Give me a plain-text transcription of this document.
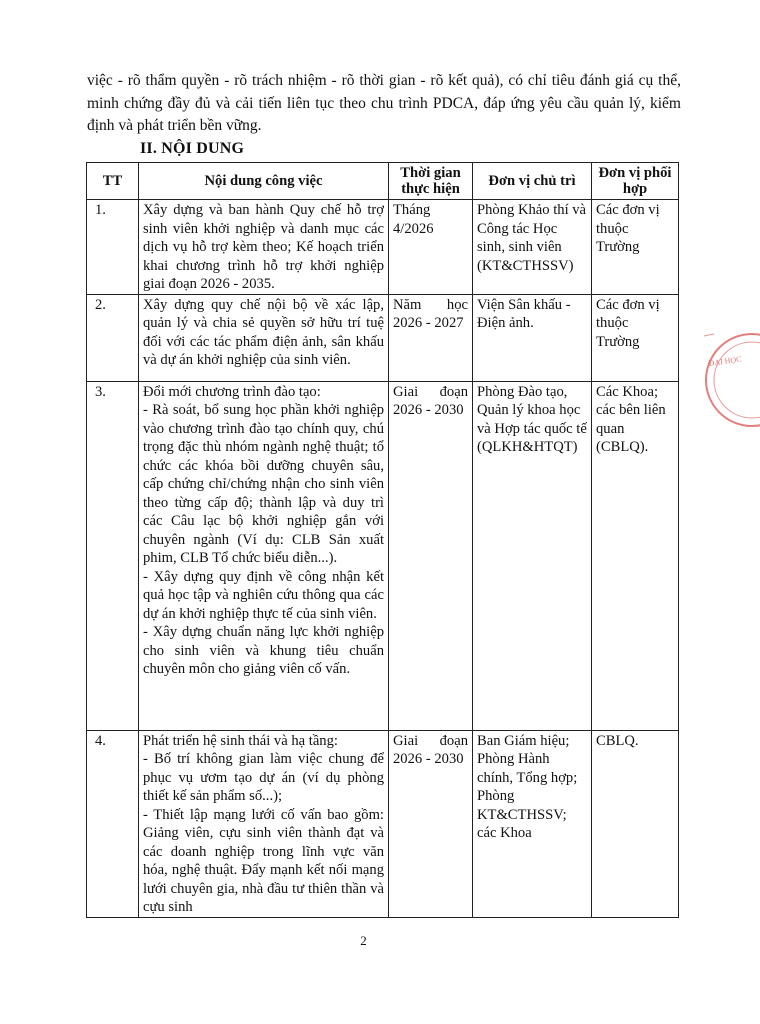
việc - rõ thẩm quyền - rõ trách nhiệm - rõ thời gian - rõ kết quả), có chỉ tiêu đánh giá cụ thể, minh chứng đầy đủ và cải tiến liên tục theo chu trình PDCA, đáp ứng yêu cầu quản lý, kiểm định và phát triển bền vững.

II. NỘI DUNG
TT	Nội dung công việc	Thời gian thực hiện	Đơn vị chủ trì	Đơn vị phối hợp
1.	Xây dựng và ban hành Quy chế hỗ trợ sinh viên khởi nghiệp và danh mục các dịch vụ hỗ trợ kèm theo; Kế hoạch triển khai chương trình hỗ trợ khởi nghiệp giai đoạn 2026 - 2035.	Tháng 4/2026	Phòng Khảo thí và Công tác Học sinh, sinh viên (KT&CTHSSV)	Các đơn vị thuộc Trường
2.	Xây dựng quy chế nội bộ về xác lập, quản lý và chia sẻ quyền sở hữu trí tuệ đối với các tác phẩm điện ảnh, sân khấu và dự án khởi nghiệp của sinh viên.	Năm học 2026 - 2027	Viện Sân khấu - Điện ảnh.	Các đơn vị thuộc Trường
3.	Đổi mới chương trình đào tạo:
- Rà soát, bổ sung học phần khởi nghiệp vào chương trình đào tạo chính quy, chú trọng đặc thù nhóm ngành nghệ thuật; tổ chức các khóa bồi dưỡng chuyên sâu, cấp chứng chỉ/chứng nhận cho sinh viên theo từng cấp độ; thành lập và duy trì các Câu lạc bộ khởi nghiệp gắn với chuyên ngành (Ví dụ: CLB Sản xuất phim, CLB Tổ chức biểu diễn...).
- Xây dựng quy định về công nhận kết quả học tập và nghiên cứu thông qua các dự án khởi nghiệp thực tế của sinh viên.
- Xây dựng chuẩn năng lực khởi nghiệp cho sinh viên và khung tiêu chuẩn chuyên môn cho giảng viên cố vấn.	Giai đoạn 2026 - 2030	Phòng Đào tạo, Quản lý khoa học và Hợp tác quốc tế (QLKH&HTQT)	Các Khoa; các bên liên quan (CBLQ).
4.	Phát triển hệ sinh thái và hạ tầng:
- Bố trí không gian làm việc chung để phục vụ ươm tạo dự án (ví dụ phòng thiết kế sản phẩm số...);
- Thiết lập mạng lưới cố vấn bao gồm: Giảng viên, cựu sinh viên thành đạt và các doanh nghiệp trong lĩnh vực văn hóa, nghệ thuật. Đẩy mạnh kết nối mạng lưới chuyên gia, nhà đầu tư thiên thần và cựu sinh	Giai đoạn 2026 - 2030	Ban Giám hiệu; Phòng Hành chính, Tổng hợp; Phòng KT&CTHSSV; các Khoa	CBLQ.
2
ĐẠI HỌC
